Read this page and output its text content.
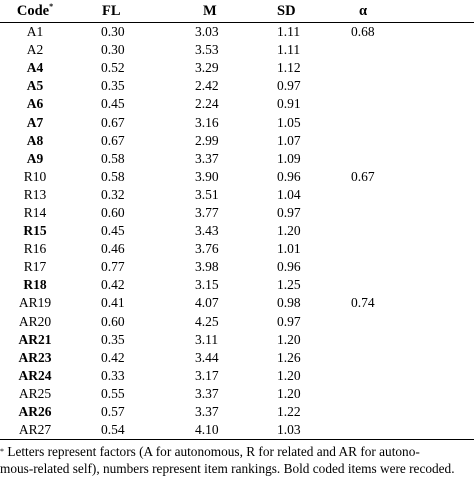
Code*	FL	M	SD	α	
A1	0.30	3.03	1.11	0.68	
A2	0.30	3.53	1.11		
A4	0.52	3.29	1.12		
A5	0.35	2.42	0.97		
A6	0.45	2.24	0.91		
A7	0.67	3.16	1.05		
A8	0.67	2.99	1.07		
A9	0.58	3.37	1.09		
R10	0.58	3.90	0.96	0.67	
R13	0.32	3.51	1.04		
R14	0.60	3.77	0.97		
R15	0.45	3.43	1.20		
R16	0.46	3.76	1.01		
R17	0.77	3.98	0.96		
R18	0.42	3.15	1.25		
AR19	0.41	4.07	0.98	0.74	
AR20	0.60	4.25	0.97		
AR21	0.35	3.11	1.20		
AR23	0.42	3.44	1.26		
AR24	0.33	3.17	1.20		
AR25	0.55	3.37	1.20		
AR26	0.57	3.37	1.22		
AR27	0.54	4.10	1.03		
* Letters represent factors (A for autonomous, R for related and AR for autono-
mous-related self), numbers represent item rankings. Bold coded items were recoded.
